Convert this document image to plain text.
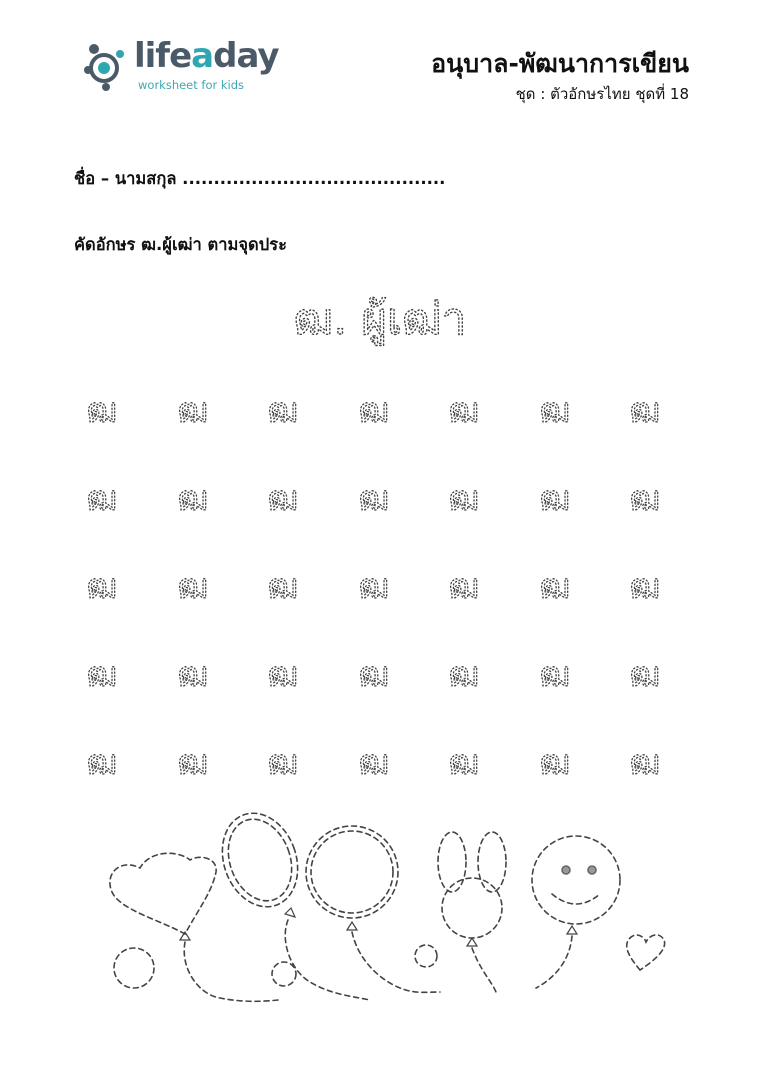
lifeaday
worksheet for kids
อนุบาล-พัฒนาการเขียน
ชุด : ตัวอักษรไทย ชุดที่ 18
ชื่อ – นามสกุล ..........................................
คัดอักษร ฒ.ผู้เฒ่า ตามจุดประ
ฒ. ผู้เฒ่า
ฒ ฒ ฒ ฒ ฒ ฒ ฒ
ฒ ฒ ฒ ฒ ฒ ฒ ฒ
ฒ ฒ ฒ ฒ ฒ ฒ ฒ
ฒ ฒ ฒ ฒ ฒ ฒ ฒ
ฒ ฒ ฒ ฒ ฒ ฒ ฒ
